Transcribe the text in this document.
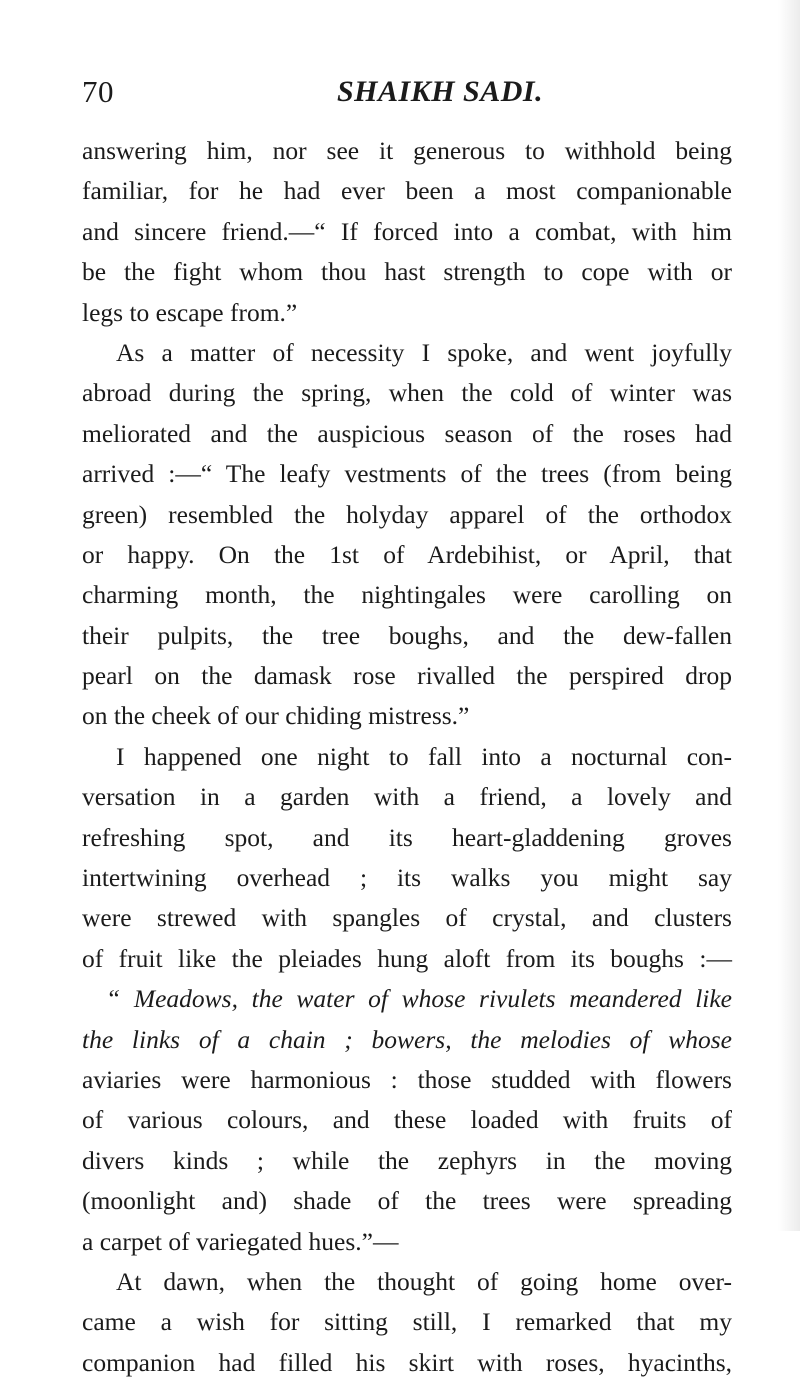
70	SHAIKH SADI.
answering him, nor see it generous to withhold being
familiar, for he had ever been a most companionable
and sincere friend.—“ If forced into a combat, with him
be the fight whom thou hast strength to cope with or
legs to escape from.”
As a matter of necessity I spoke, and went joyfully
abroad during the spring, when the cold of winter was
meliorated and the auspicious season of the roses had
arrived :—“ The leafy vestments of the trees (from being
green) resembled the holyday apparel of the orthodox
or happy. On the 1st of Ardebihist, or April, that
charming month, the nightingales were carolling on
their pulpits, the tree boughs, and the dew-fallen
pearl on the damask rose rivalled the perspired drop
on the cheek of our chiding mistress.”
I happened one night to fall into a nocturnal con-
versation in a garden with a friend, a lovely and
refreshing spot, and its heart-gladdening groves
intertwining overhead ; its walks you might say
were strewed with spangles of crystal, and clusters
of fruit like the pleiades hung aloft from its boughs :—
“ Meadows, the water of whose rivulets meandered like
the links of a chain ; bowers, the melodies of whose
aviaries were harmonious : those studded with flowers
of various colours, and these loaded with fruits of
divers kinds ; while the zephyrs in the moving
(moonlight and) shade of the trees were spreading
a carpet of variegated hues.”—
At dawn, when the thought of going home over-
came a wish for sitting still, I remarked that my
companion had filled his skirt with roses, hyacinths,
